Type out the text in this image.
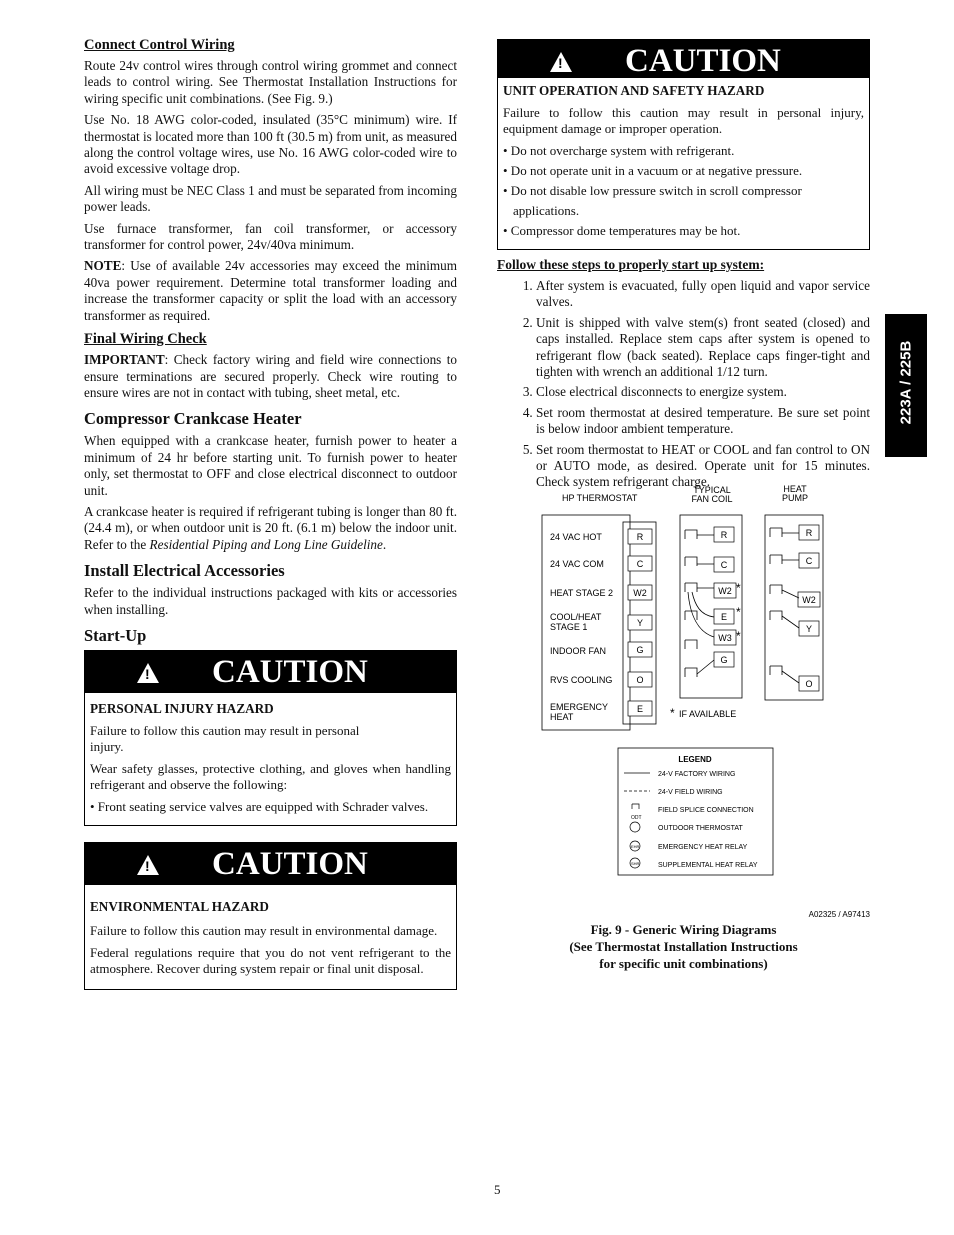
Connect Control Wiring

Route 24v control wires through control wiring grommet and connect leads to control wiring. See Thermostat Installation Instructions for wiring specific unit combinations. (See Fig. 9.)

Use No. 18 AWG color-coded, insulated (35°C minimum) wire. If thermostat is located more than 100 ft (30.5 m) from unit, as measured along the control voltage wires, use No. 16 AWG color-coded wire to avoid excessive voltage drop.

All wiring must be NEC Class 1 and must be separated from incoming power leads.

Use furnace transformer, fan coil transformer, or accessory transformer for control power, 24v/40va minimum.

NOTE: Use of available 24v accessories may exceed the minimum 40va power requirement. Determine total transformer loading and increase the transformer capacity or split the load with an accessory transformer as required.

Final Wiring Check

IMPORTANT: Check factory wiring and field wire connections to ensure terminations are secured properly. Check wire routing to ensure wires are not in contact with tubing, sheet metal, etc.

Compressor Crankcase Heater

When equipped with a crankcase heater, furnish power to heater a minimum of 24 hr before starting unit. To furnish power to heater only, set thermostat to OFF and close electrical disconnect to outdoor unit.

A crankcase heater is required if refrigerant tubing is longer than 80 ft. (24.4 m), or when outdoor unit is 20 ft. (6.1 m) below the indoor unit. Refer to the Residential Piping and Long Line Guideline.

Install Electrical Accessories

Refer to the individual instructions packaged with kits or accessories when installing.

Start-Up
! CAUTION
PERSONAL INJURY HAZARD

Failure to follow this caution may result in personal injury.

Wear safety glasses, protective clothing, and gloves when handling refrigerant and observe the following:

• Front seating service valves are equipped with Schrader valves.
! CAUTION
ENVIRONMENTAL HAZARD

Failure to follow this caution may result in environmental damage.

Federal regulations require that you do not vent refrigerant to the atmosphere. Recover during system repair or final unit disposal.

! CAUTION
UNIT OPERATION AND SAFETY HAZARD

Failure to follow this caution may result in personal injury, equipment damage or improper operation.

• Do not overcharge system with refrigerant.
• Do not operate unit in a vacuum or at negative pressure.
• Do not disable low pressure switch in scroll compressor
applications.
• Compressor dome temperatures may be hot.
Follow these steps to properly start up system:
1. After system is evacuated, fully open liquid and vapor service valves.
2. Unit is shipped with valve stem(s) front seated (closed) and caps installed. Replace stem caps after system is opened to refrigerant flow (back seated). Replace caps finger-tight and tighten with wrench an additional 1/12 turn.
3. Close electrical disconnects to energize system.
4. Set room thermostat at desired temperature. Be sure set point is below indoor ambient temperature.
5. Set room thermostat to HEAT or COOL and fan control to ON or AUTO mode, as desired. Operate unit for 15 minutes. Check system refrigerant charge.
HP THERMOSTAT
TYPICAL
FAN COIL
HEAT
PUMP
24 VAC HOT	R
24 VAC COM	C
HEAT STAGE 2 W2
COOL/HEAT
STAGE 1	Y
INDOOR FAN	G
RVS COOLING	O
EMERGENCY
HEAT
E
R
C
W2
E
W3
G
*
*
*
R
C
W2
Y
O
* IF AVAILABLE
LEGEND
24-V FACTORY WIRING
24-V FIELD WIRING
FIELD SPLICE CONNECTION
ODT
OUTDOOR THERMOSTAT
EHR	EMERGENCY HEAT RELAY
SHR	SUPPLEMENTAL HEAT RELAY
A02325 / A97413
Fig. 9 - Generic Wiring Diagrams
(See Thermostat Installation Instructions
for specific unit combinations)
223A / 225B
5
